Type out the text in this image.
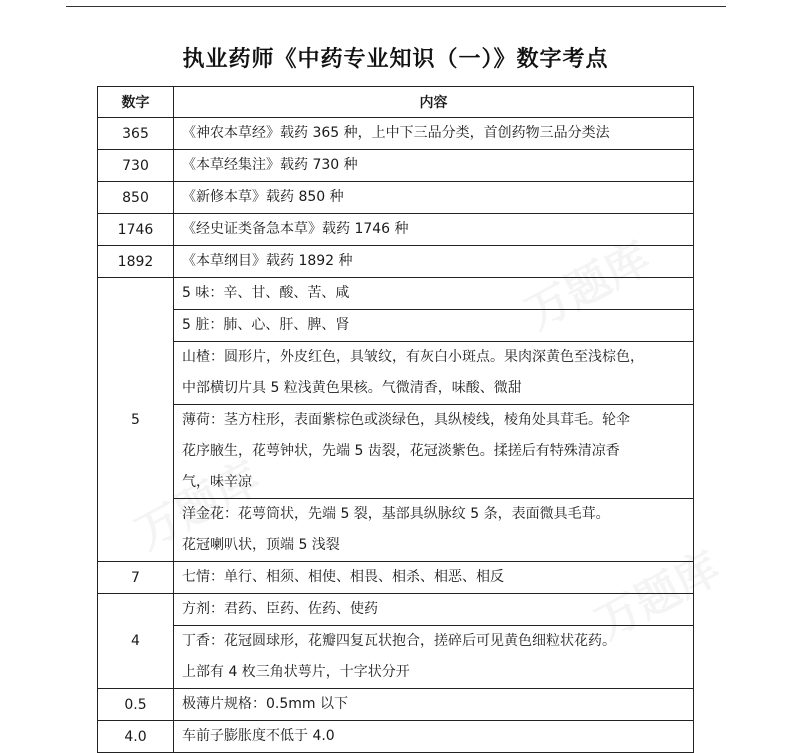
执业药师《中药专业知识（一）》数字考点
数字	内容
365	《神农本草经》载药 365 种，上中下三品分类，首创药物三品分类法
730	《本草经集注》载药 730 种
850	《新修本草》载药 850 种
1746	《经史证类备急本草》载药 1746 种
1892	《本草纲目》载药 1892 种
5	5 味：辛、甘、酸、苦、咸
	5 脏：肺、心、肝、脾、肾

	山楂：圆形片，外皮红色，具皱纹，有灰白小斑点。果肉深黄色至浅棕色，
中部横切片具 5 粒浅黄色果核。气微清香，味酸、微甜

	薄荷：茎方柱形，表面紫棕色或淡绿色，具纵棱线，棱角处具茸毛。轮伞
花序腋生，花萼钟状，先端 5 齿裂，花冠淡紫色。揉搓后有特殊清凉香
气，味辛凉

	洋金花：花萼筒状，先端 5 裂，基部具纵脉纹 5 条，表面微具毛茸。
花冠喇叭状，顶端 5 浅裂

7	七情：单行、相须、相使、相畏、相杀、相恶、相反
4	方剂：君药、臣药、佐药、使药

	丁香：花冠圆球形，花瓣四复瓦状抱合，搓碎后可见黄色细粒状花药。
上部有 4 枚三角状萼片，十字状分开

0.5	极薄片规格：0.5mm 以下
4.0	车前子膨胀度不低于 4.0
